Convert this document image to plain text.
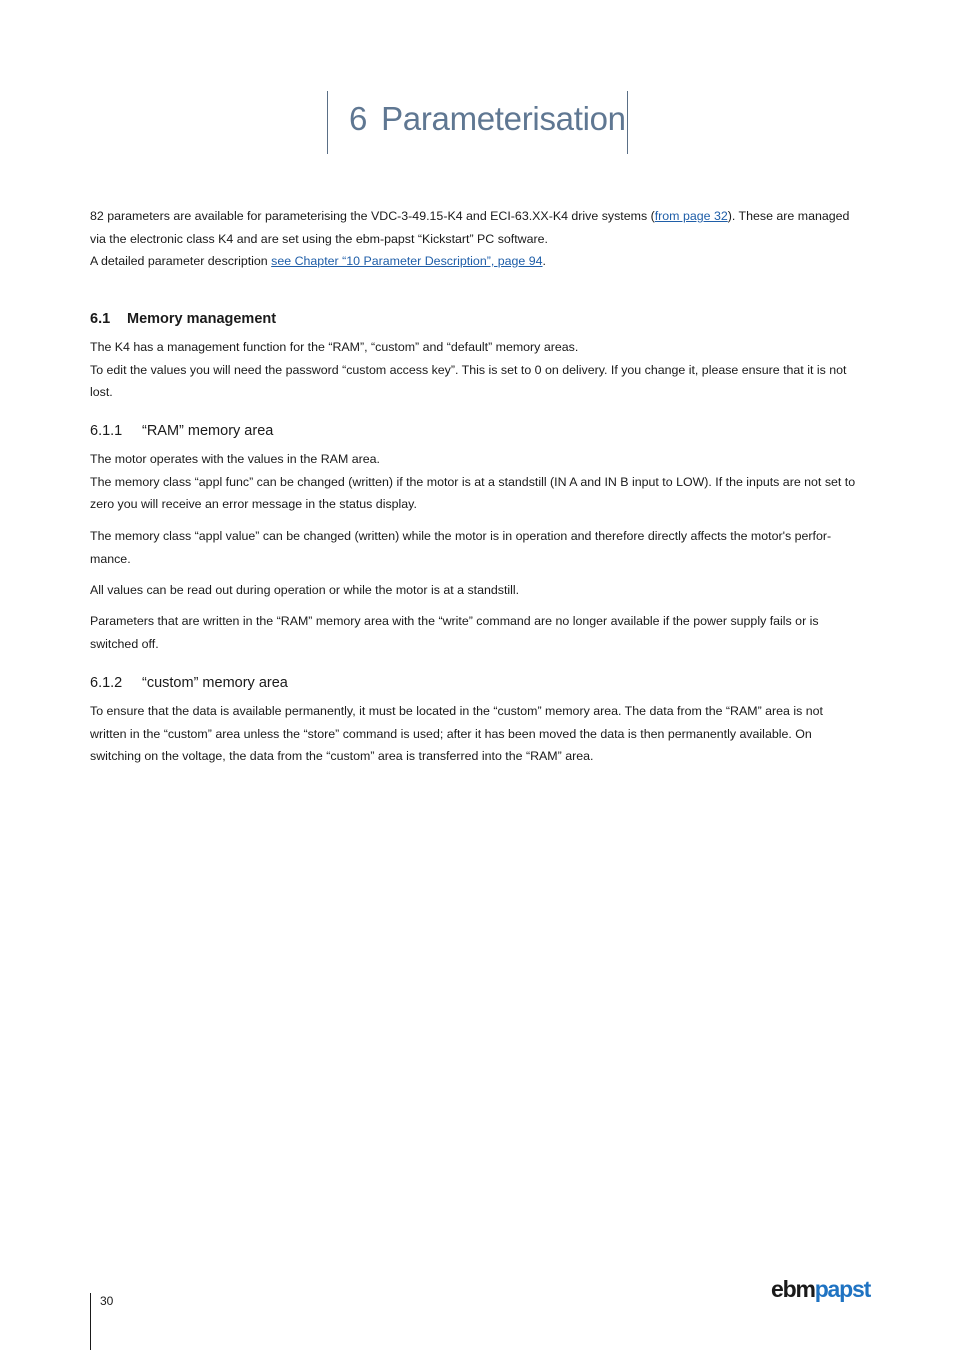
6 Parameterisation

82 parameters are available for parameterising the VDC-3-49.15-K4 and ECI-63.XX-K4 drive systems (from page 32). These are managed via the electronic class K4 and are set using the ebm-papst “Kickstart” PC software.

A detailed parameter description see Chapter “10 Parameter Description”, page 94.

6.1 Memory management

The K4 has a management function for the “RAM”, “custom” and “default” memory areas.

To edit the values you will need the password “custom access key”. This is set to 0 on delivery. If you change it, please ensure that it is not lost.

6.1.1 “RAM” memory area

The motor operates with the values in the RAM area.

The memory class “appl func” can be changed (written) if the motor is at a standstill (IN A and IN B input to LOW). If the inputs are not set to zero you will receive an error message in the status display.

The memory class “appl value” can be changed (written) while the motor is in operation and therefore directly affects the motor's perfor-mance.

All values can be read out during operation or while the motor is at a standstill.

Parameters that are written in the “RAM” memory area with the “write” command are no longer available if the power supply fails or is switched off.

6.1.2 “custom” memory area

To ensure that the data is available permanently, it must be located in the “custom” memory area. The data from the “RAM” area is not written in the “custom” area unless the “store” command is used; after it has been moved the data is then permanently available. On switching on the voltage, the data from the “custom” area is transferred into the “RAM” area.

30	ebmpapst
